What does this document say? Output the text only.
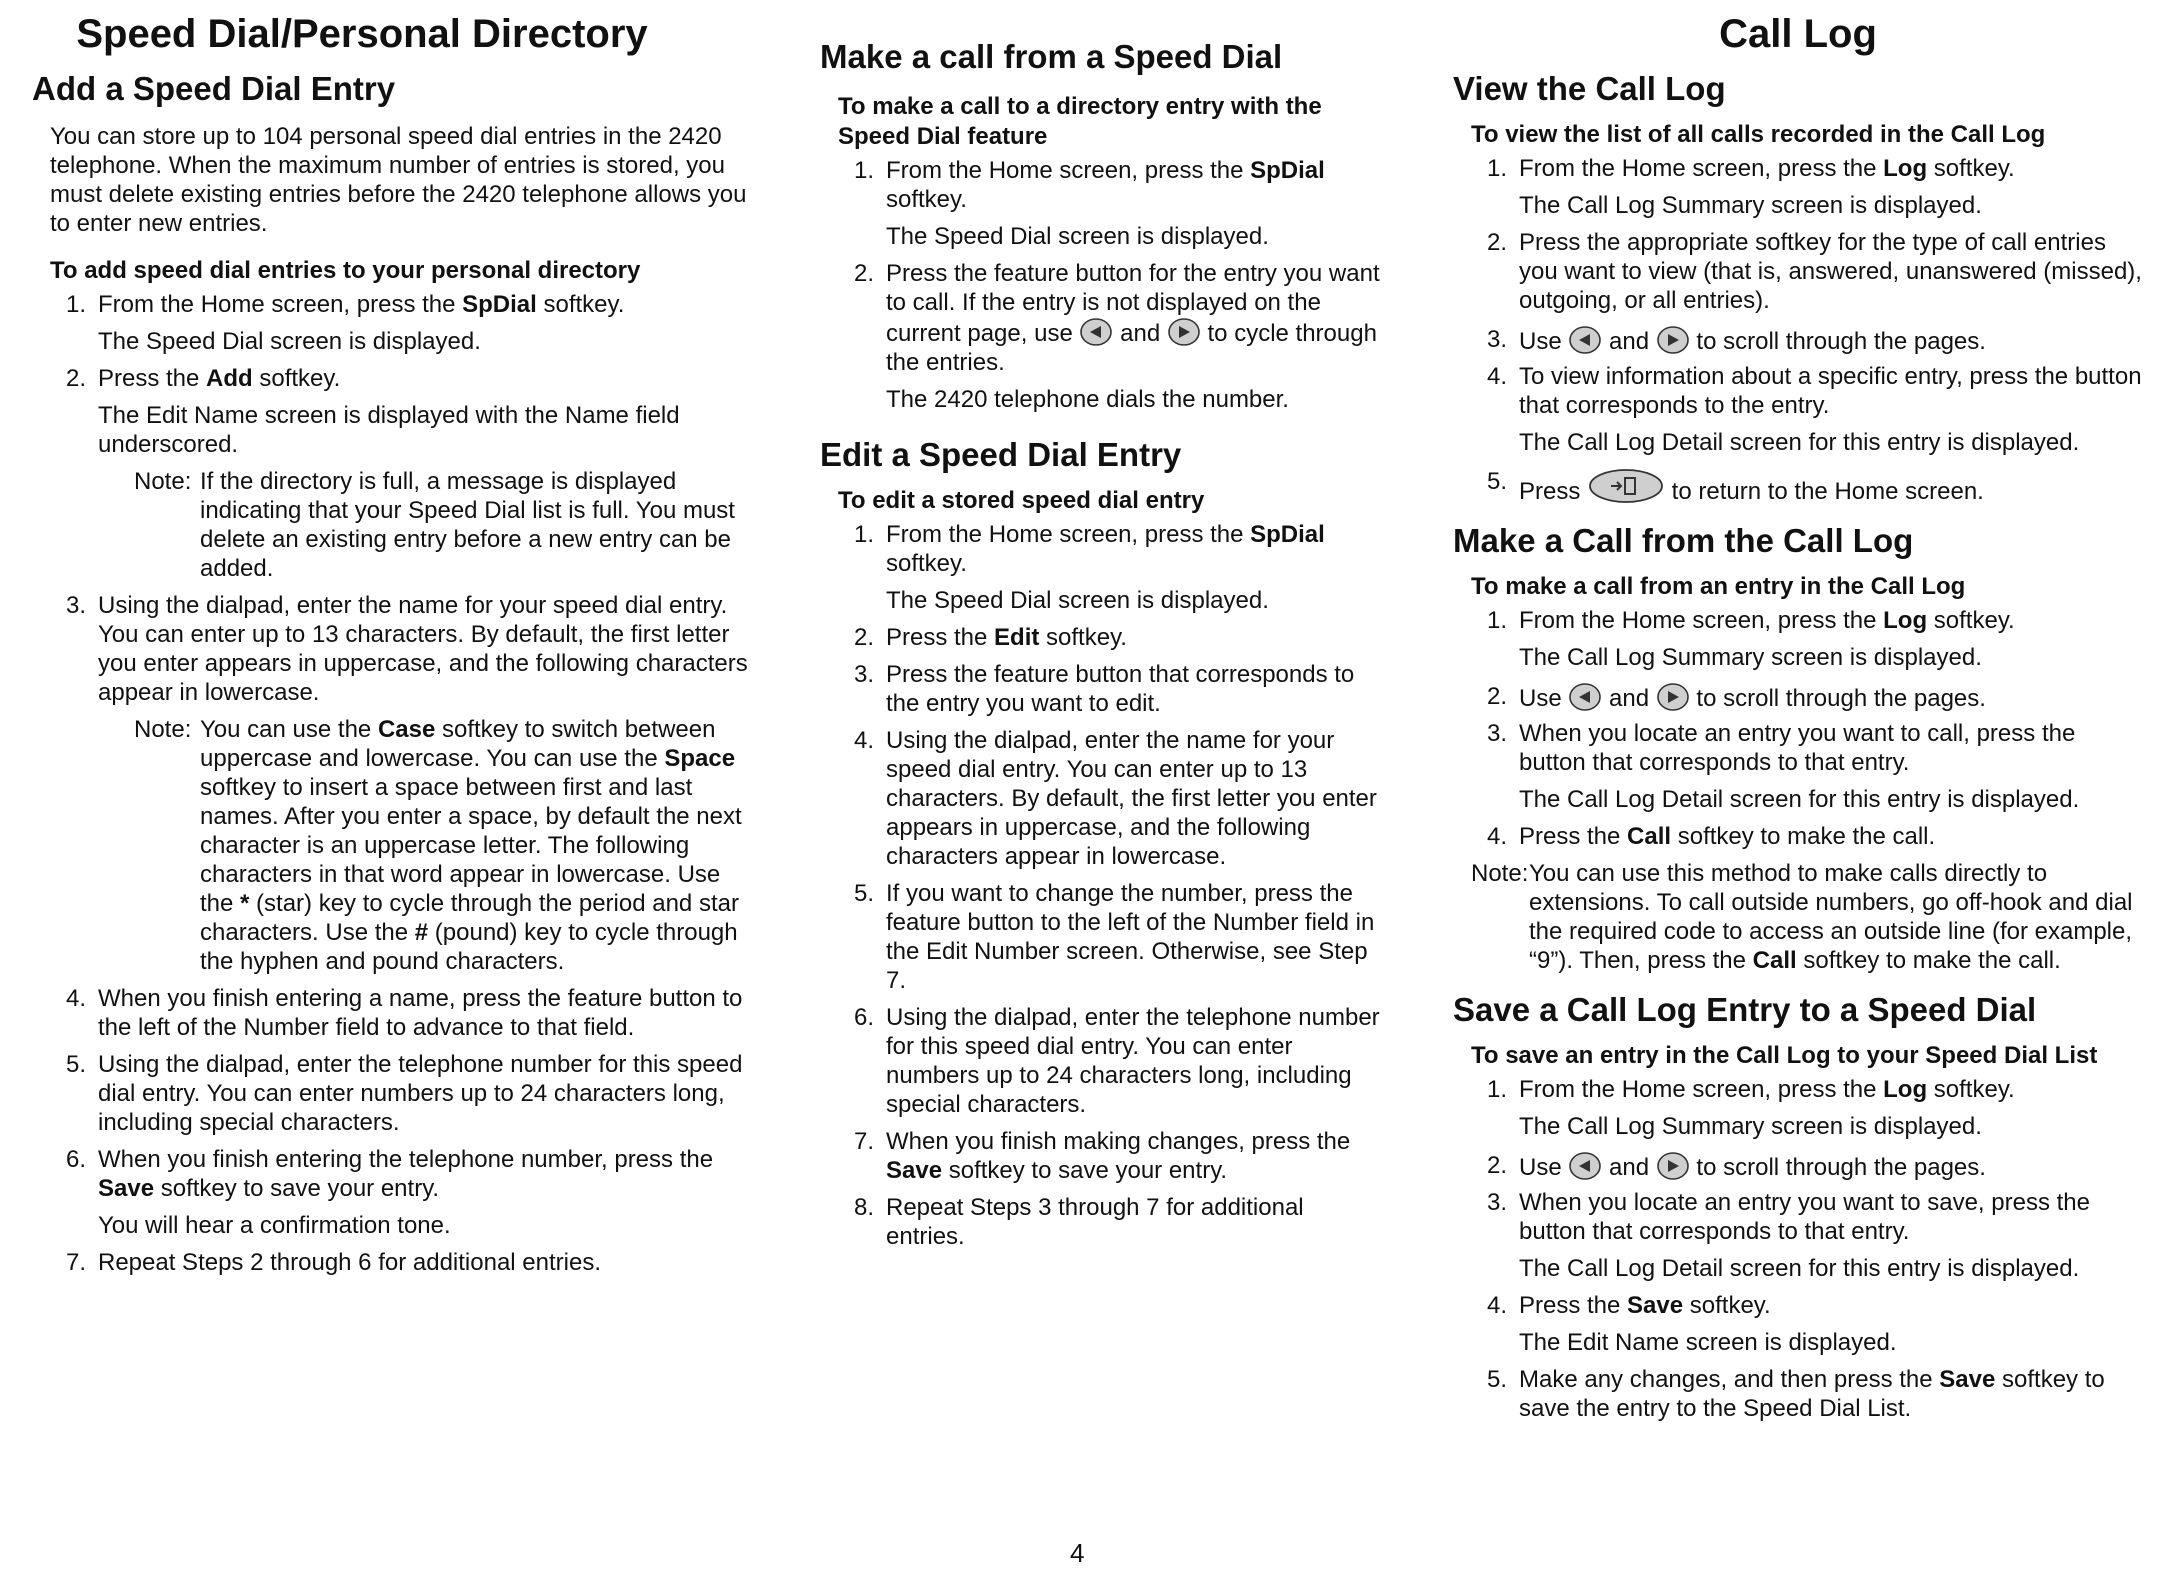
Speed Dial/Personal Directory
Add a Speed Dial Entry

You can store up to 104 personal speed dial entries in the 2420 telephone. When the maximum number of entries is stored, you must delete existing entries before the 2420 telephone allows you to enter new entries.

To add speed dial entries to your personal directory
1. From the Home screen, press the SpDial softkey.
The Speed Dial screen is displayed.
2. Press the Add softkey.
The Edit Name screen is displayed with the Name field underscored.
Note: If the directory is full, a message is displayed indicating that your Speed Dial list is full. You must delete an existing entry before a new entry can be added.
3. Using the dialpad, enter the name for your speed dial entry. You can enter up to 13 characters. By default, the first letter you enter appears in uppercase, and the following characters appear in lowercase.
Note: You can use the Case softkey to switch between uppercase and lowercase. You can use the Space softkey to insert a space between first and last names. After you enter a space, by default the next character is an uppercase letter. The following characters in that word appear in lowercase. Use the * (star) key to cycle through the period and star characters. Use the # (pound) key to cycle through the hyphen and pound characters.
4. When you finish entering a name, press the feature button to the left of the Number field to advance to that field.
5. Using the dialpad, enter the telephone number for this speed dial entry. You can enter numbers up to 24 characters long, including special characters.
6. When you finish entering the telephone number, press the Save softkey to save your entry.
You will hear a confirmation tone.
7. Repeat Steps 2 through 6 for additional entries.
Make a call from a Speed Dial
To make a call to a directory entry with the Speed Dial feature
1. From the Home screen, press the SpDial softkey.
The Speed Dial screen is displayed.
2. Press the feature button for the entry you want to call. If the entry is not displayed on the current page, use  and  to cycle through the entries.
The 2420 telephone dials the number.
Edit a Speed Dial Entry
To edit a stored speed dial entry
1. From the Home screen, press the SpDial softkey.
The Speed Dial screen is displayed.
2. Press the Edit softkey.
3. Press the feature button that corresponds to the entry you want to edit.
4. Using the dialpad, enter the name for your speed dial entry. You can enter up to 13 characters. By default, the first letter you enter appears in uppercase, and the following characters appear in lowercase.
5. If you want to change the number, press the feature button to the left of the Number field in the Edit Number screen. Otherwise, see Step 7.
6. Using the dialpad, enter the telephone number for this speed dial entry. You can enter numbers up to 24 characters long, including special characters.
7. When you finish making changes, press the Save softkey to save your entry.
8. Repeat Steps 3 through 7 for additional entries.
Call Log
View the Call Log
To view the list of all calls recorded in the Call Log
1. From the Home screen, press the Log softkey.
The Call Log Summary screen is displayed.
2. Press the appropriate softkey for the type of call entries you want to view (that is, answered, unanswered (missed), outgoing, or all entries).
3. Use  and  to scroll through the pages.
4. To view information about a specific entry, press the button that corresponds to the entry.
The Call Log Detail screen for this entry is displayed.
5. Press	to return to the Home screen.
Make a Call from the Call Log
To make a call from an entry in the Call Log
1. From the Home screen, press the Log softkey.
The Call Log Summary screen is displayed.
2. Use  and  to scroll through the pages.
3. When you locate an entry you want to call, press the button that corresponds to that entry.
The Call Log Detail screen for this entry is displayed.
4. Press the Call softkey to make the call.
Note: You can use this method to make calls directly to extensions. To call outside numbers, go off-hook and dial the required code to access an outside line (for example, “9”). Then, press the Call softkey to make the call.
Save a Call Log Entry to a Speed Dial
To save an entry in the Call Log to your Speed Dial List
1. From the Home screen, press the Log softkey.
The Call Log Summary screen is displayed.
2. Use  and  to scroll through the pages.
3. When you locate an entry you want to save, press the button that corresponds to that entry.
The Call Log Detail screen for this entry is displayed.
4. Press the Save softkey.
The Edit Name screen is displayed.
5. Make any changes, and then press the Save softkey to save the entry to the Speed Dial List.
4
